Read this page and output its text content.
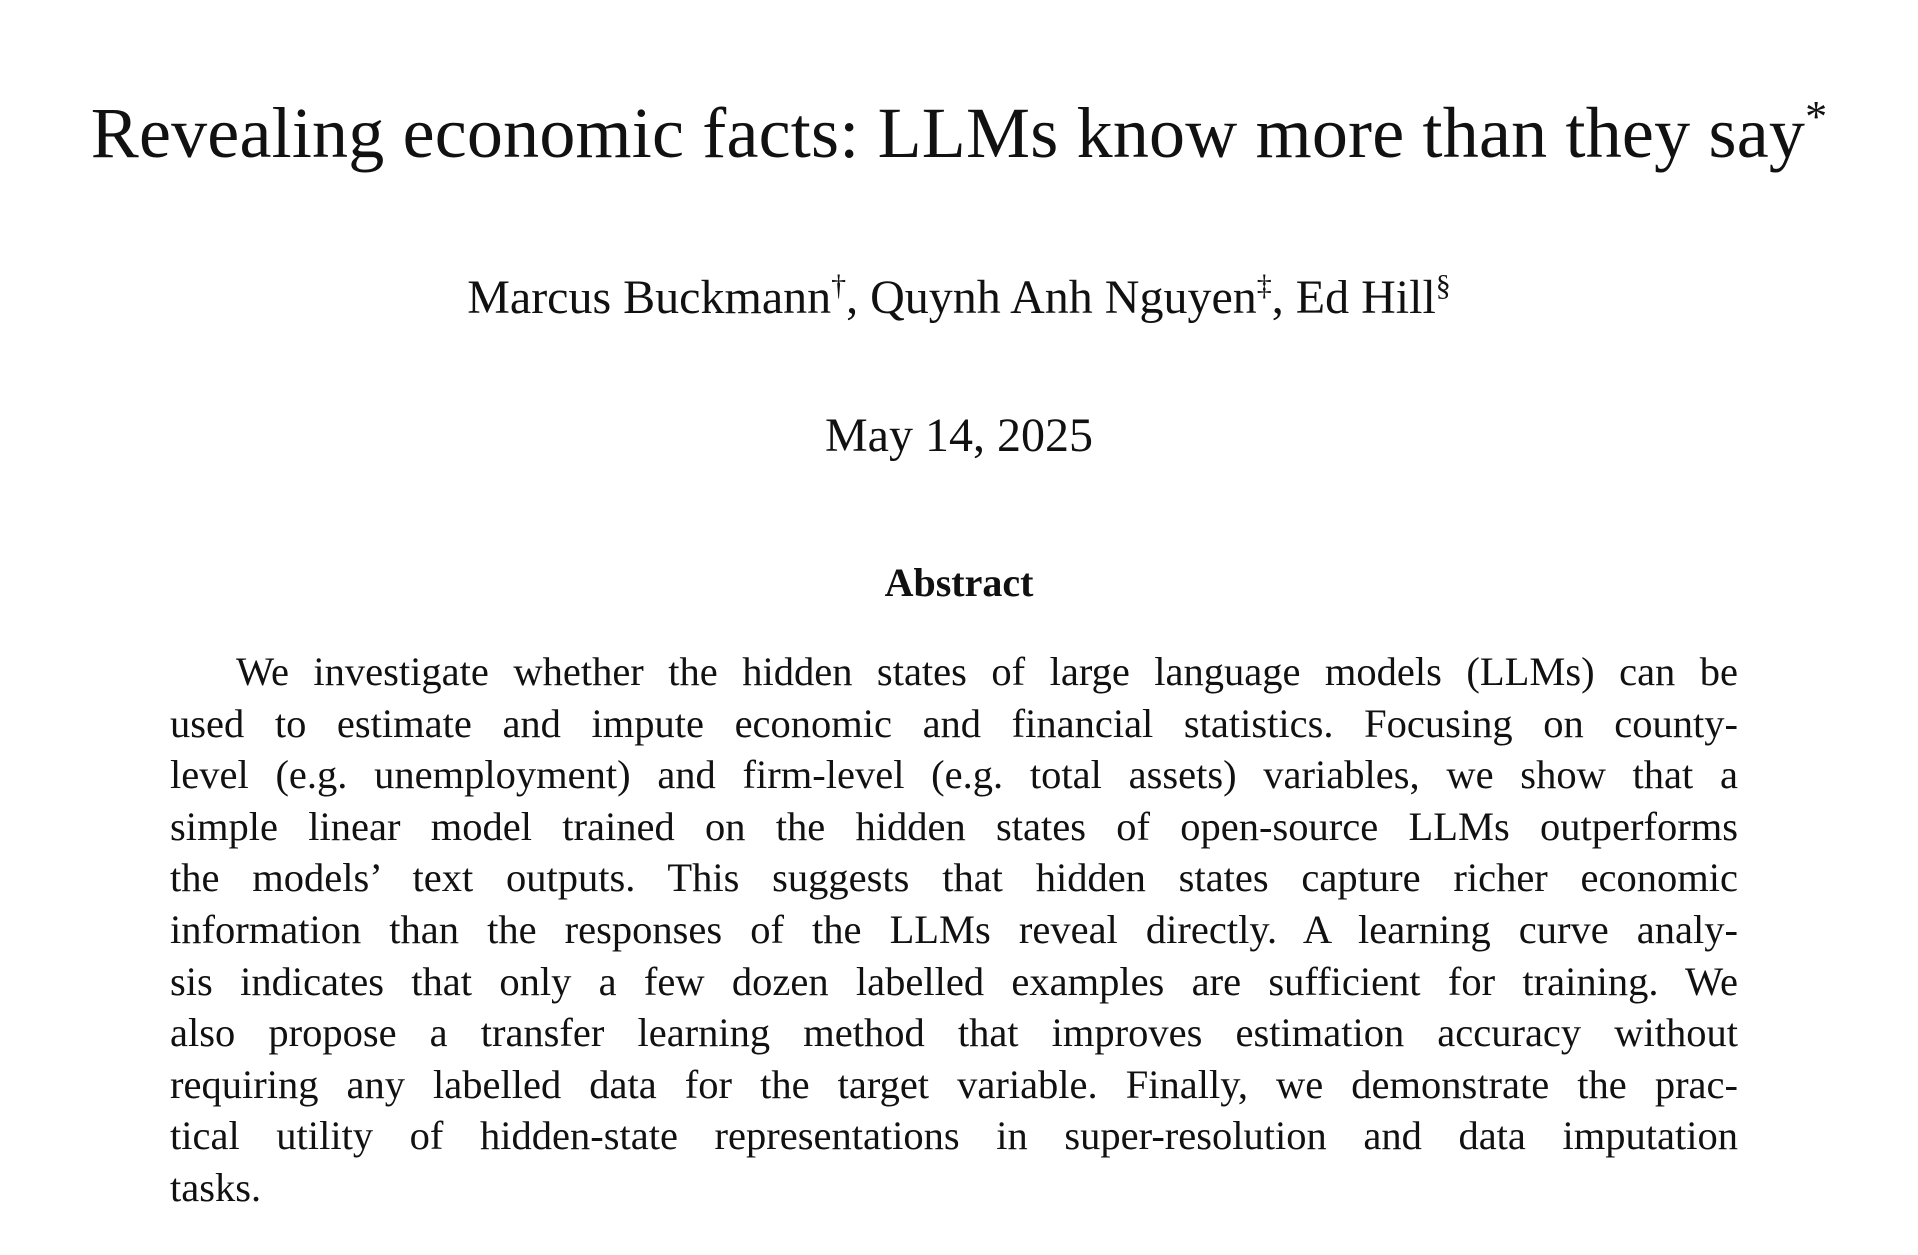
Revealing economic facts: LLMs know more than they say*
Marcus Buckmann†, Quynh Anh Nguyen‡, Ed Hill§
May 14, 2025
Abstract
We investigate whether the hidden states of large language models (LLMs) can be
used to estimate and impute economic and financial statistics. Focusing on county-
level (e.g. unemployment) and firm-level (e.g. total assets) variables, we show that a
simple linear model trained on the hidden states of open-source LLMs outperforms
the models’ text outputs. This suggests that hidden states capture richer economic
information than the responses of the LLMs reveal directly. A learning curve analy-
sis indicates that only a few dozen labelled examples are sufficient for training. We
also propose a transfer learning method that improves estimation accuracy without
requiring any labelled data for the target variable. Finally, we demonstrate the prac-
tical utility of hidden-state representations in super-resolution and data imputation
tasks.
